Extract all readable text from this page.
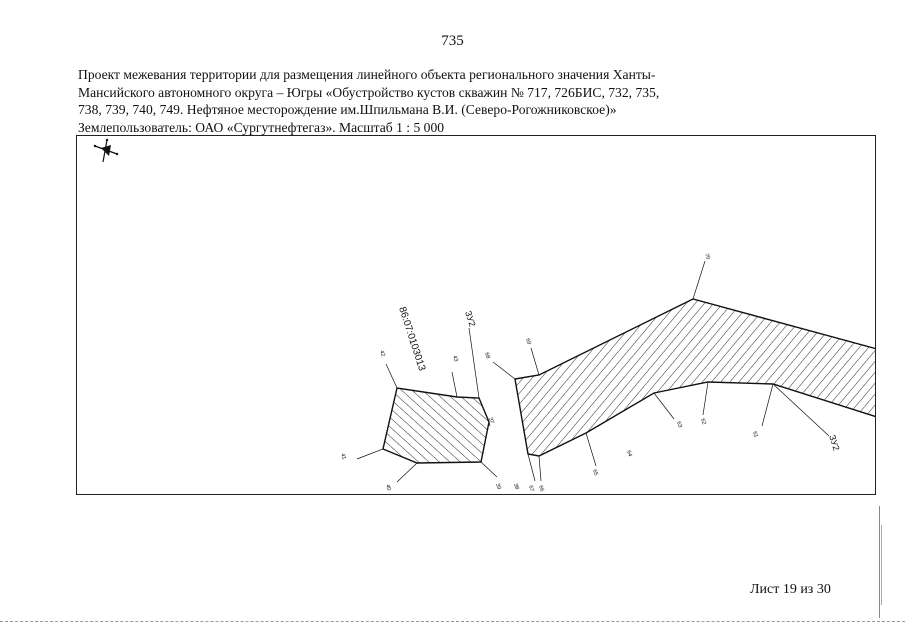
735
Проект межевания территории для размещения линейного объекта регионального значения Ханты-
Мансийского автономного округа – Югры «Обустройство кустов скважин № 717, 726БИС, 732, 735,
738, 739, 740, 749. Нефтяное месторождение им.Шпильмана В.И. (Северо-Рогожниковское)»
Землепользователь: ОАО «Сургутнефтегаз». Масштаб 1 : 5 000
86:07:0103013	ЗУ2
ЗУ2
42
43
37
41
40	39 38
68
69
70
67 66
65
64
63	62
61
Лист 19 из 30
